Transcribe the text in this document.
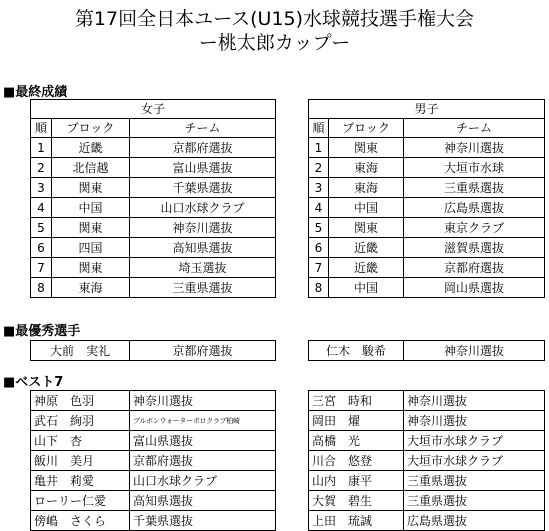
第17回全日本ユース(U15)水球競技選手権大会
ー桃太郎カップー
■最終成績
女子		
順	ブロック	チーム
1	近畿	京都府選抜
2	北信越	富山県選抜
3	関東	千葉県選抜
4	中国	山口水球クラブ
5	関東	神奈川選抜
6	四国	高知県選抜
7	関東	埼玉選抜
8	東海	三重県選抜
男子		
順	ブロック	チーム
1	関東	神奈川選抜
2	東海	大垣市水球
3	東海	三重県選抜
4	中国	広島県選抜
5	関東	東京クラブ
6	近畿	滋賀県選抜
7	近畿	京都府選抜
8	中国	岡山県選抜
■最優秀選手
大前　実礼	京都府選抜	仁木　駿希	神奈川選抜
■ベスト7
神原　色羽	神奈川選抜
武石　絢羽	ブルボンウォーターポロクラブ柏崎
山下　杏	富山県選抜
飯川　美月	京都府選抜
亀井　莉愛	山口水球クラブ
ローリー仁愛	高知県選抜
傍嶋　さくら	千葉県選抜
三宮　時和	神奈川選抜
岡田　燿	神奈川選抜
高橋　光	大垣市水球クラブ
川合　悠登	大垣市水球クラブ
山内　康平	三重県選抜
大賀　碧生	三重県選抜
上田　琉誠	広島県選抜
